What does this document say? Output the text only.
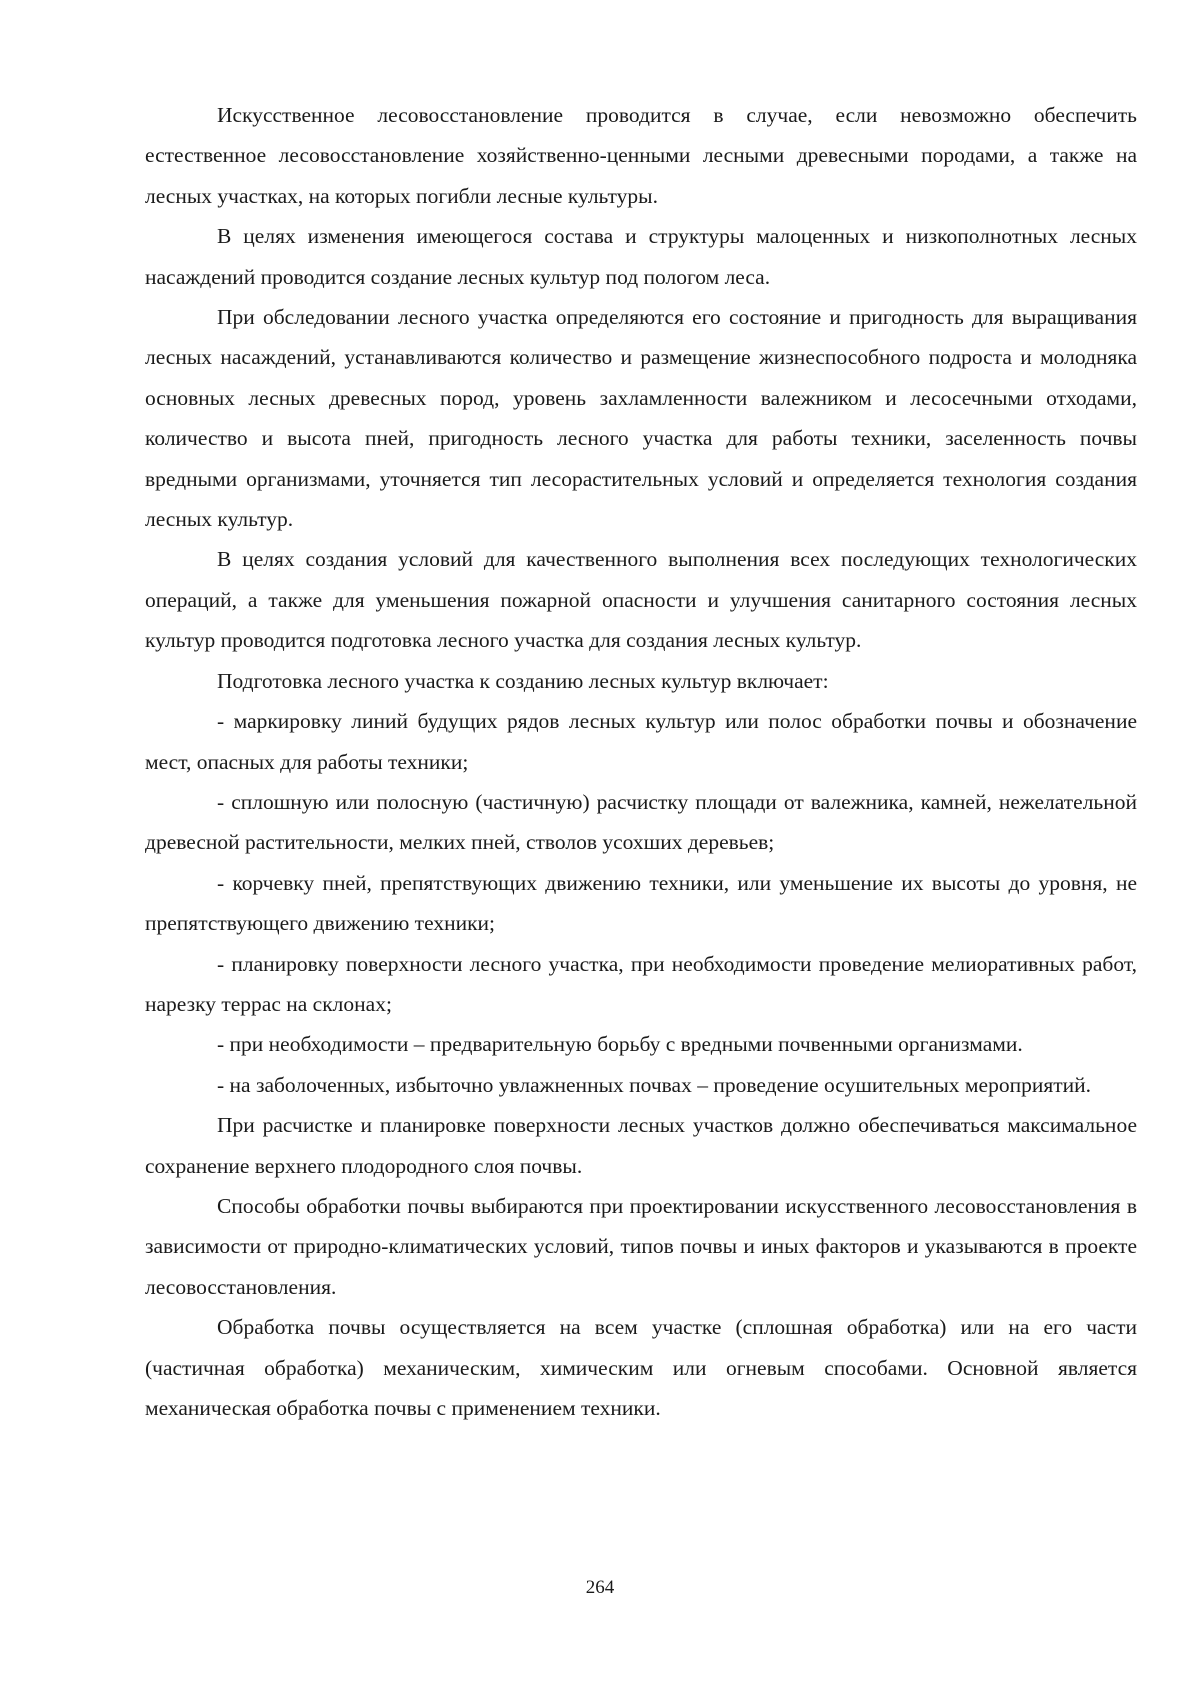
Искусственное лесовосстановление проводится в случае, если невозможно обеспечить естественное лесовосстановление хозяйственно-ценными лесными древесными породами, а также на лесных участках, на которых погибли лесные культуры.

В целях изменения имеющегося состава и структуры малоценных и низкополнотных лесных насаждений проводится создание лесных культур под пологом леса.

При обследовании лесного участка определяются его состояние и пригодность для выращивания лесных насаждений, устанавливаются количество и размещение жизнеспособного подроста и молодняка основных лесных древесных пород, уровень захламленности валежником и лесосечными отходами, количество и высота пней, пригодность лесного участка для работы техники, заселенность почвы вредными организмами, уточняется тип лесорастительных условий и определяется технология создания лесных культур.

В целях создания условий для качественного выполнения всех последующих технологических операций, а также для уменьшения пожарной опасности и улучшения санитарного состояния лесных культур проводится подготовка лесного участка для создания лесных культур.

Подготовка лесного участка к созданию лесных культур включает:

- маркировку линий будущих рядов лесных культур или полос обработки почвы и обозначение мест, опасных для работы техники;

- сплошную или полосную (частичную) расчистку площади от валежника, камней, нежелательной древесной растительности, мелких пней, стволов усохших деревьев;

- корчевку пней, препятствующих движению техники, или уменьшение их высоты до уровня, не препятствующего движению техники;

- планировку поверхности лесного участка, при необходимости проведение мелиоративных работ, нарезку террас на склонах;

- при необходимости – предварительную борьбу с вредными почвенными организмами.

- на заболоченных, избыточно увлажненных почвах – проведение осушительных мероприятий.

При расчистке и планировке поверхности лесных участков должно обеспечиваться максимальное сохранение верхнего плодородного слоя почвы.

Способы обработки почвы выбираются при проектировании искусственного лесовосстановления в зависимости от природно-климатических условий, типов почвы и иных факторов и указываются в проекте лесовосстановления.

Обработка почвы осуществляется на всем участке (сплошная обработка) или на его части (частичная обработка) механическим, химическим или огневым способами. Основной является механическая обработка почвы с применением техники.

264
